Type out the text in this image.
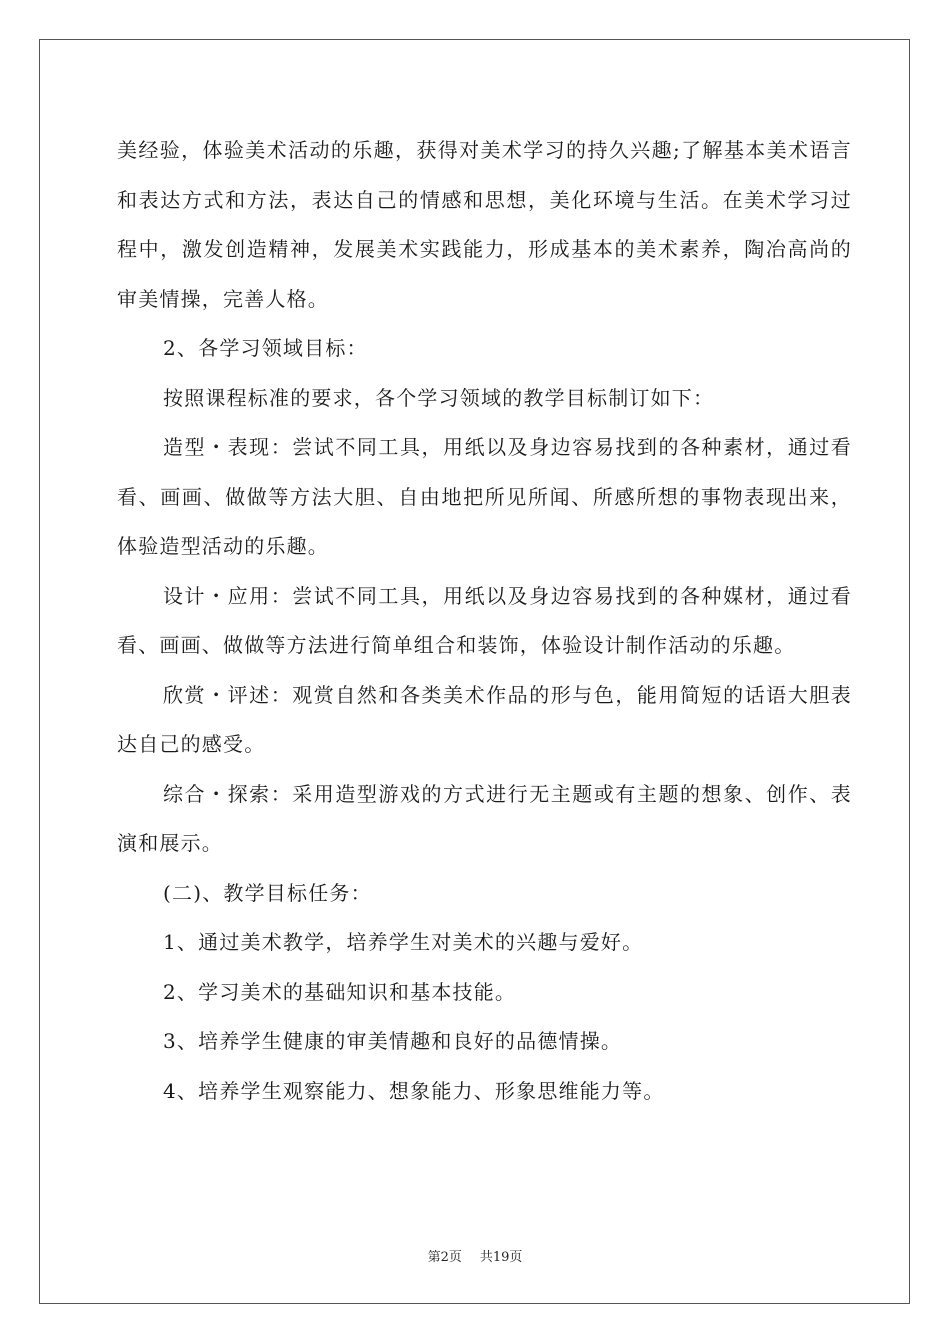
美经验，体验美术活动的乐趣，获得对美术学习的持久兴趣;了解基本美术语言和表达方式和方法，表达自己的情感和思想，美化环境与生活。在美术学习过程中，激发创造精神，发展美术实践能力，形成基本的美术素养，陶冶高尚的审美情操，完善人格。

2、各学习领域目标：

按照课程标准的要求，各个学习领域的教学目标制订如下：

造型・表现：尝试不同工具，用纸以及身边容易找到的各种素材，通过看看、画画、做做等方法大胆、自由地把所见所闻、所感所想的事物表现出来，体验造型活动的乐趣。

设计・应用：尝试不同工具，用纸以及身边容易找到的各种媒材，通过看看、画画、做做等方法进行简单组合和装饰，体验设计制作活动的乐趣。

欣赏・评述：观赏自然和各类美术作品的形与色，能用简短的话语大胆表达自己的感受。

综合・探索：采用造型游戏的方式进行无主题或有主题的想象、创作、表演和展示。

(二)、教学目标任务：

1、通过美术教学，培养学生对美术的兴趣与爱好。

2、学习美术的基础知识和基本技能。

3、培养学生健康的审美情趣和良好的品德情操。

4、培养学生观察能力、想象能力、形象思维能力等。

第2页 共19页
